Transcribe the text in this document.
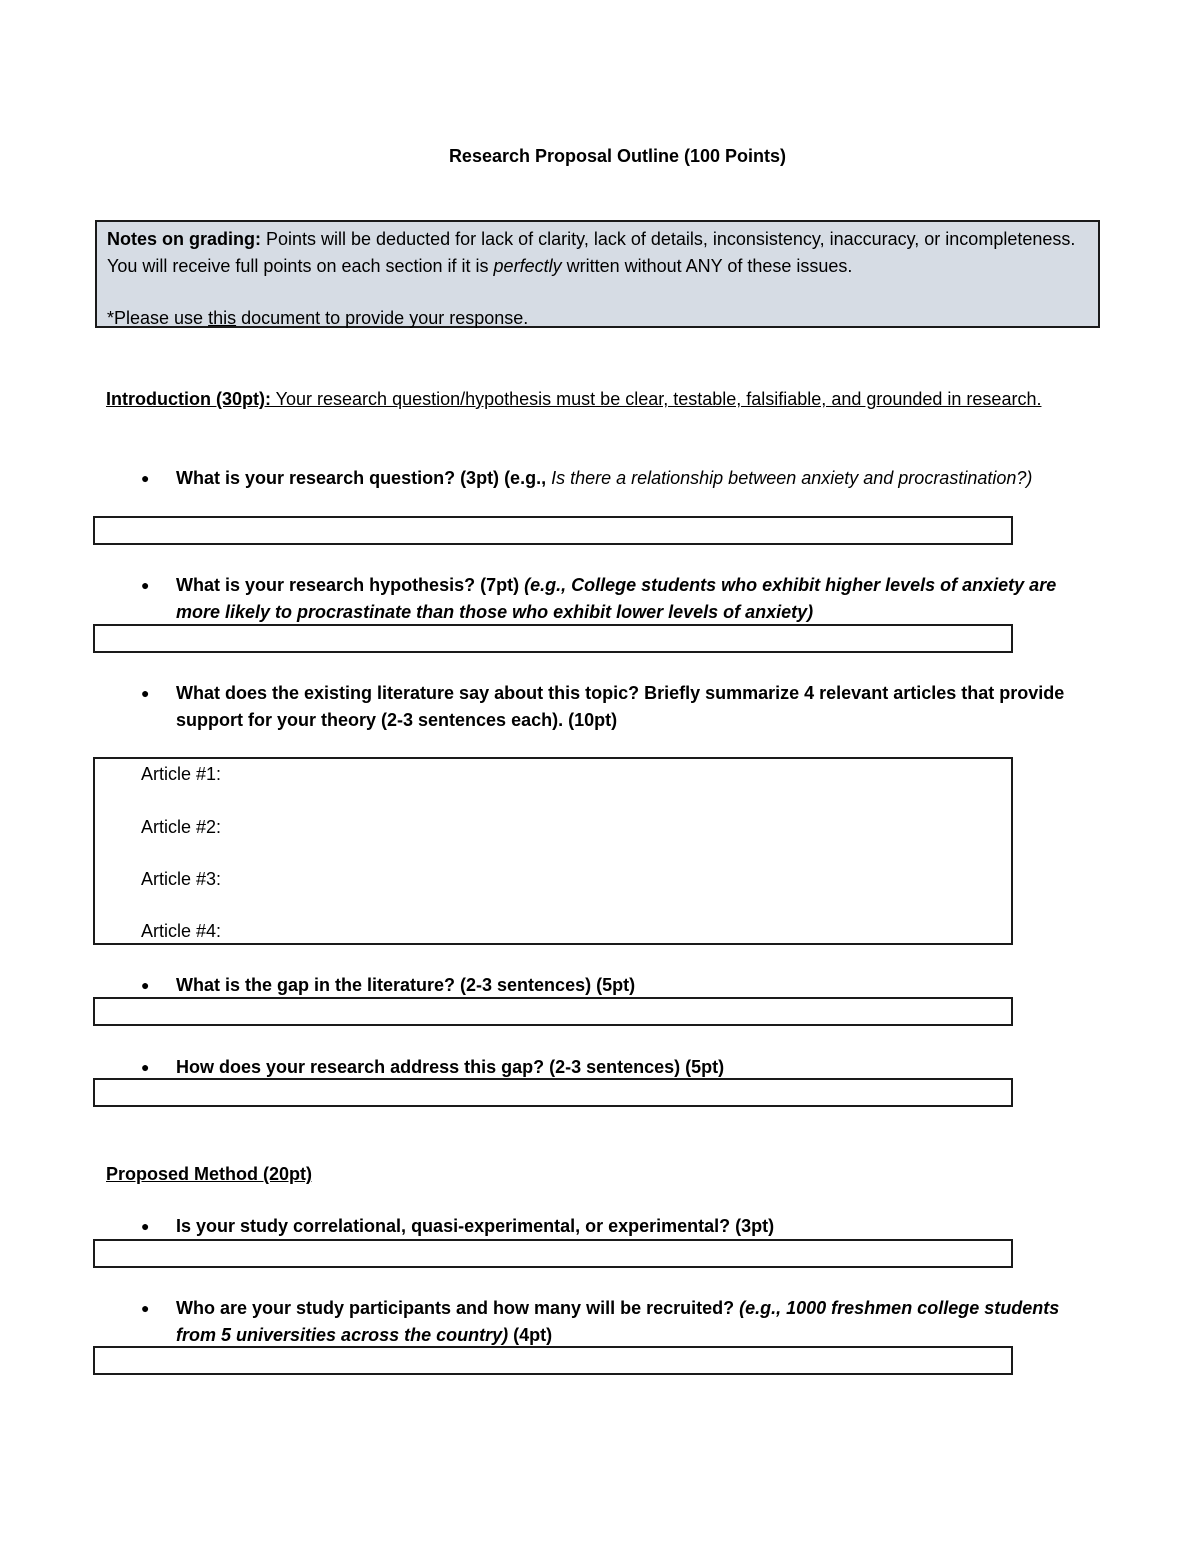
Research Proposal Outline (100 Points)

Notes on grading: Points will be deducted for lack of clarity, lack of details, inconsistency, inaccuracy, or incompleteness. You will receive full points on each section if it is perfectly written without ANY of these issues.

*Please use this document to provide your response.

Introduction (30pt): Your research question/hypothesis must be clear, testable, falsifiable, and grounded in research.
● What is your research question? (3pt) (e.g., Is there a relationship between anxiety and procrastination?)
● What is your research hypothesis? (7pt) (e.g., College students who exhibit higher levels of anxiety are more likely to procrastinate than those who exhibit lower levels of anxiety)
● What does the existing literature say about this topic? Briefly summarize 4 relevant articles that provide support for your theory (2-3 sentences each). (10pt)
Article #1:
Article #2:
Article #3:
Article #4:
● What is the gap in the literature? (2-3 sentences) (5pt)
● How does your research address this gap? (2-3 sentences) (5pt)
Proposed Method (20pt)
● Is your study correlational, quasi-experimental, or experimental? (3pt)
● Who are your study participants and how many will be recruited? (e.g., 1000 freshmen college students from 5 universities across the country) (4pt)
